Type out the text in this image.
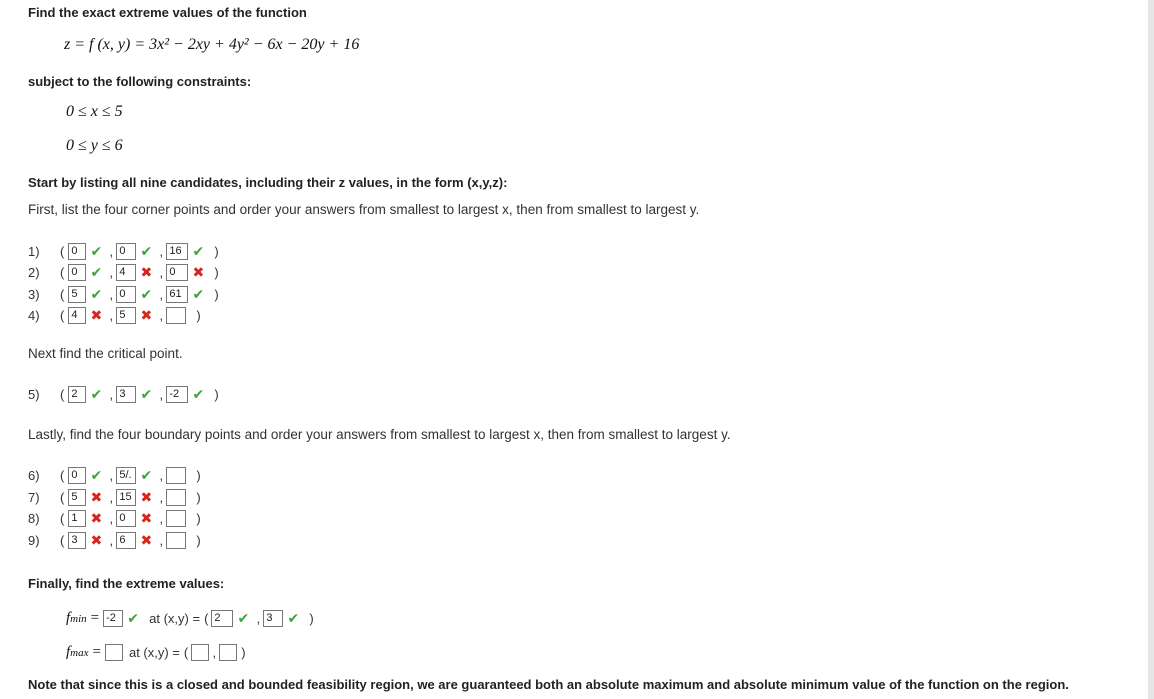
Find the exact extreme values of the function
z = f (x, y) = 3x² − 2xy + 4y² − 6x − 20y + 16
subject to the following constraints:
0 ≤ x ≤ 5
0 ≤ y ≤ 6
Start by listing all nine candidates, including their z values, in the form (x,y,z):
First, list the four corner points and order your answers from smallest to largest x, then from smallest to largest y.
1)	( 0 ✔ , 0	✔ , 16 ✔ )
2)	( 0 ✔ , 4	✖ , 0	✖ )
3)	( 5 ✔ , 0	✔ , 61 ✔ )
4)	( 4 ✖ , 5	✖ ,	)
5)	( 2 ✔ , 3	✔ , -2 ✔ )
6)	( 0 ✔ , 5/. ✔ ,	)
7)	( 5 ✖ , 15 ✖ ,	)
8)	( 1 ✖ , 0	✖ ,	)
9)	( 3 ✖ , 6	✖ ,	)
Next find the critical point.
Lastly, find the four boundary points and order your answers from smallest to largest x, then from smallest to largest y.
Finally, find the extreme values:
fmin = -2 ✔ at (x,y) = ( 2	✔ , 3	✔ )
fmax = at (x,y) = ( , )
Note that since this is a closed and bounded feasibility region, we are guaranteed both an absolute maximum and absolute minimum value of the function on the region.
